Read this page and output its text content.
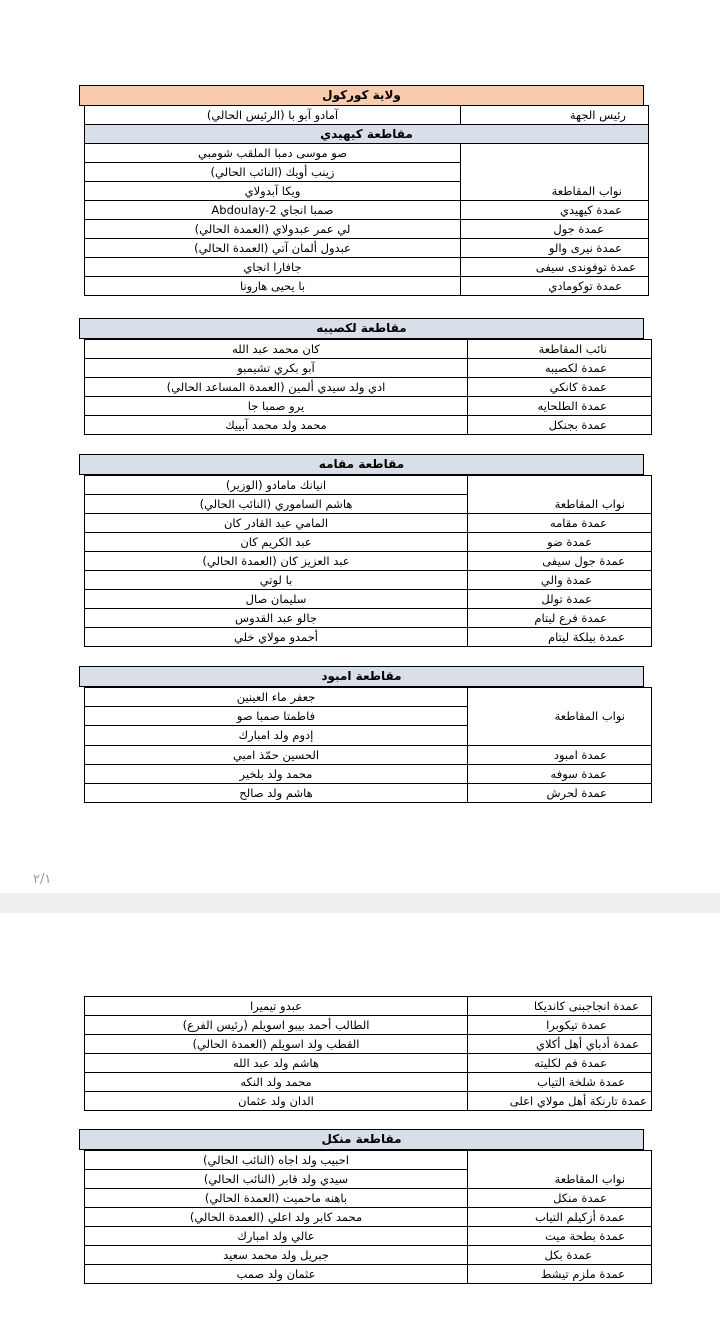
ولاية كوركول
رئيس الجهة	آمادو آبو با (الرئيس الحالي)
مقاطعة كيهيدي	
نواب المقاطعة	صو موسى دمبا الملقب شومبي
	زينب أويك (النائب الحالي)
	ويكا آبدولاي
عمدة كيهيدي	Abdoulay-2 صمبا انجاي
عمدة جول	لي عمر عبدولاي (العمدة الحالي)
عمدة نيرى والو	عبدول ألمان آتي (العمدة الحالي)
عمدة توفوندى سيفى	جافارا انجاي
عمدة توكومادي	با يحيى هارونا
مقاطعة لكصيبه
نائب المقاطعة	كان محمد عبد الله
عمدة لكصيبه	آبو بكري تشيمبو
عمدة كانكي	ادي ولد سيدي ألمين (العمدة المساعد الحالي)
عمدة الطلحايه	يرو صمبا جا
عمدة بجنكل	محمد ولد محمد آبييك
مقاطعة مقامه
نواب المقاطعة	انيانك مامادو (الوزير)
	هاشم الساموري (النائب الحالي)
عمدة مقامه	المامي عبد القادر كان
عمدة ضو	عبد الكريم كان
عمدة جول سيفى	عبد العزيز كان (العمدة الحالي)
عمدة والي	با لوتي
عمدة تولل	سليمان صال
عمدة فرع ليتام	جالو عبد القدوس
عمدة بيلكة ليتام	أحمدو مولاي خلي
مقاطعة امبود
نواب المقاطعة	جعفر ماء العينين
	فاطمتا صمبا صو
	إدوم ولد امبارك
عمدة امبود	الحسين حمّذ امبي
عمدة سوفه	محمد ولد بلخير
عمدة لحرش	هاشم ولد صالح
٢/١
عمدة انجاجبنى كانديكا	عبدو تيميرا
عمدة تيكوبرا	الطالب أحمد بيبو اسويلم (رئيس الفرع)
عمدة أدباي أهل أكلاي	القطب ولد اسويلم (العمدة الحالي)
عمدة فم لكليته	هاشم ولد عبد الله
عمدة شلخة التياب	محمد ولد النكه
عمدة تارنكة أهل مولاي اعلى	الدان ولد عثمان
مقاطعة منكل
نواب المقاطعة	احبيب ولد اجاه (النائب الحالي)
	سيدي ولد قابر (النائب الحالي)
عمدة منكل	باهنه ماحميت (العمدة الحالي)
عمدة أزكيلم التياب	محمد كابر ولد اعلي (العمدة الحالي)
عمدة بطحة ميت	عالي ولد امبارك
عمدة بكل	جبريل ولد محمد سعيد
عمدة ملزم تيشط	عثمان ولد صمب
